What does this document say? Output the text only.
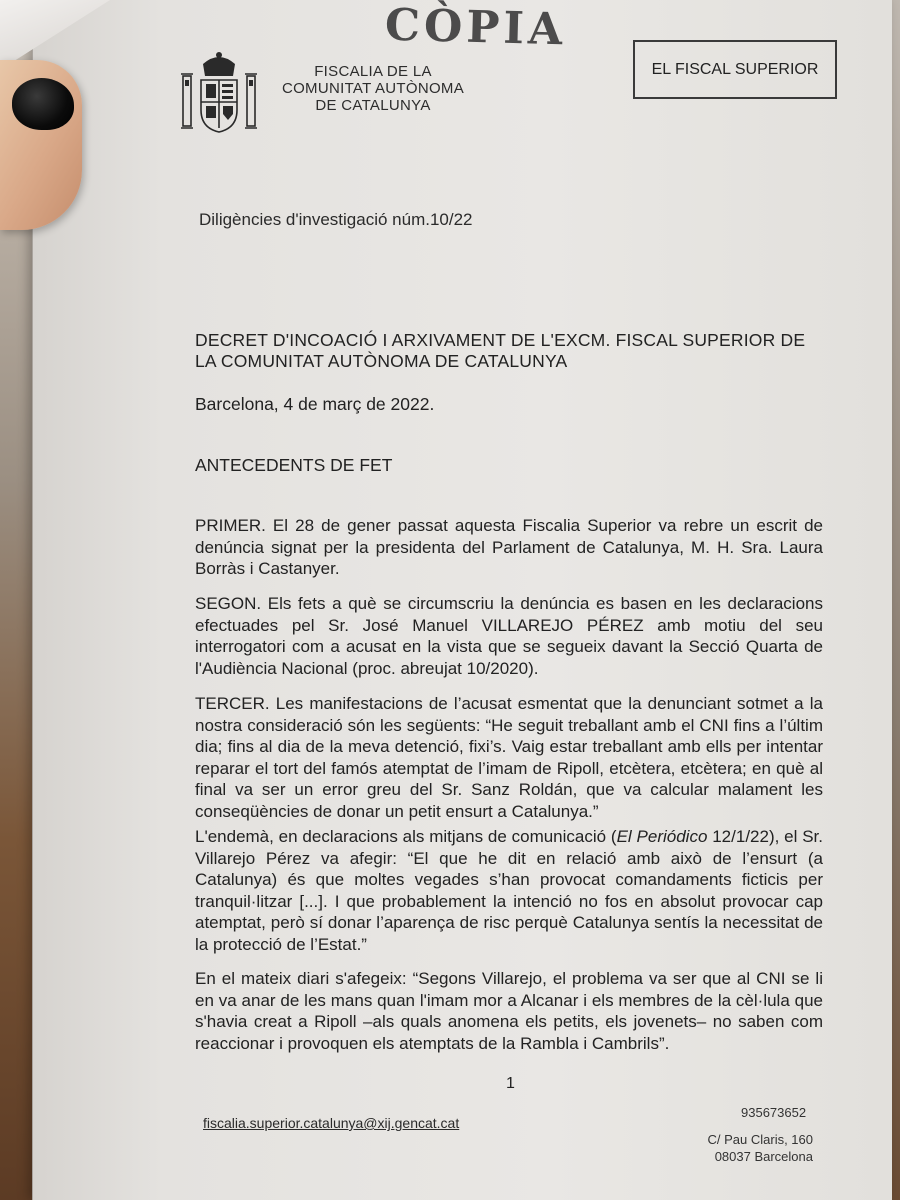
CÒPIA
FISCALIA DE LA
COMUNITAT AUTÒNOMA
DE CATALUNYA
EL FISCAL SUPERIOR
Diligències d'investigació núm.10/22
DECRET D'INCOACIÓ I ARXIVAMENT DE L'EXCM. FISCAL SUPERIOR DE
LA COMUNITAT AUTÒNOMA DE CATALUNYA
Barcelona, 4 de març de 2022.
ANTECEDENTS DE FET

PRIMER. El 28 de gener passat aquesta Fiscalia Superior va rebre un escrit de denúncia signat per la presidenta del Parlament de Catalunya, M. H. Sra. Laura Borràs i Castanyer.

SEGON. Els fets a què se circumscriu la denúncia es basen en les declaracions efectuades pel Sr. José Manuel VILLAREJO PÉREZ amb motiu del seu interrogatori com a acusat en la vista que se segueix davant la Secció Quarta de l'Audiència Nacional (proc. abreujat 10/2020).

TERCER. Les manifestacions de l’acusat esmentat que la denunciant sotmet a la nostra consideració són les següents: “He seguit treballant amb el CNI fins a l’últim dia; fins al dia de la meva detenció, fixi’s. Vaig estar treballant amb ells per intentar reparar el tort del famós atemptat de l’imam de Ripoll, etcètera, etcètera; en què al final va ser un error greu del Sr. Sanz Roldán, que va calcular malament les conseqüències de donar un petit ensurt a Catalunya.”

L'endemà, en declaracions als mitjans de comunicació (El Periódico 12/1/22), el Sr. Villarejo Pérez va afegir: “El que he dit en relació amb això de l’ensurt (a Catalunya) és que moltes vegades s’han provocat comandaments ficticis per tranquil·litzar [...]. I que probablement la intenció no fos en absolut provocar cap atemptat, però sí donar l’aparença de risc perquè Catalunya sentís la necessitat de la protecció de l’Estat.”

En el mateix diari s'afegeix: “Segons Villarejo, el problema va ser que al CNI se li en va anar de les mans quan l'imam mor a Alcanar i els membres de la cèl·lula que s'havia creat a Ripoll –als quals anomena els petits, els jovenets– no saben com reaccionar i provoquen els atemptats de la Rambla i Cambrils”.

1
fiscalia.superior.catalunya@xij.gencat.cat
935673652
C/ Pau Claris, 160
08037 Barcelona
